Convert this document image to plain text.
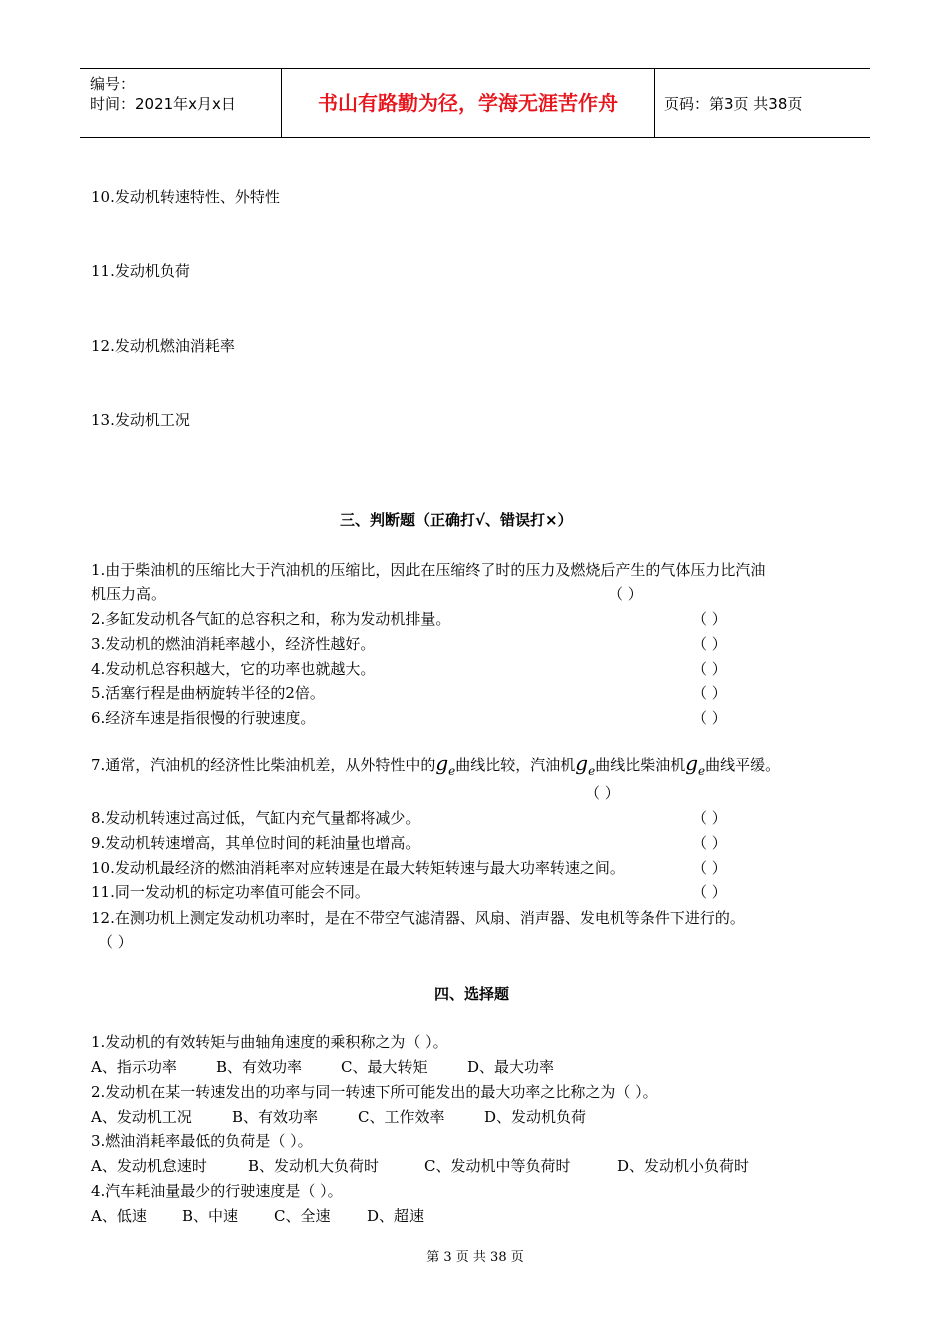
编号：
时间：2021年x月x日	书山有路勤为径，学海无涯苦作舟	页码：第3页 共38页
10.发动机转速特性、外特性
11.发动机负荷
12.发动机燃油消耗率
13.发动机工况
三、判断题（正确打√、错误打×）
1.由于柴油机的压缩比大于汽油机的压缩比，因此在压缩终了时的压力及燃烧后产生的气体压力比汽油
机压力高。	（ ）
2.多缸发动机各气缸的总容积之和，称为发动机排量。	（ ）
3.发动机的燃油消耗率越小，经济性越好。	（ ）
4.发动机总容积越大，它的功率也就越大。	（ ）
5.活塞行程是曲柄旋转半径的2倍。	（ ）
6.经济车速是指很慢的行驶速度。	（ ）
7.通常，汽油机的经济性比柴油机差，从外特性中的$g_e$曲线比较，汽油机$g_e$曲线比柴油机$g_e$曲线平缓。
（ ）
8.发动机转速过高过低，气缸内充气量都将减少。	（ ）
9.发动机转速增高，其单位时间的耗油量也增高。	（ ）
10.发动机最经济的燃油消耗率对应转速是在最大转矩转速与最大功率转速之间。	（ ）
11.同一发动机的标定功率值可能会不同。	（ ）
12.在测功机上测定发动机功率时，是在不带空气滤清器、风扇、消声器、发电机等条件下进行的。
（ ）
四、选择题
1.发动机的有效转矩与曲轴角速度的乘积称之为（ ）。
A、指示功率	B、有效功率	C、最大转矩	D、最大功率
2.发动机在某一转速发出的功率与同一转速下所可能发出的最大功率之比称之为（ ）。
A、发动机工况	B、有效功率	C、工作效率	D、发动机负荷
3.燃油消耗率最低的负荷是（ ）。
A、发动机怠速时	B、发动机大负荷时	C、发动机中等负荷时	D、发动机小负荷时
4.汽车耗油量最少的行驶速度是（ ）。
A、低速 B、中速 C、全速 D、超速
第 3 页 共 38 页
